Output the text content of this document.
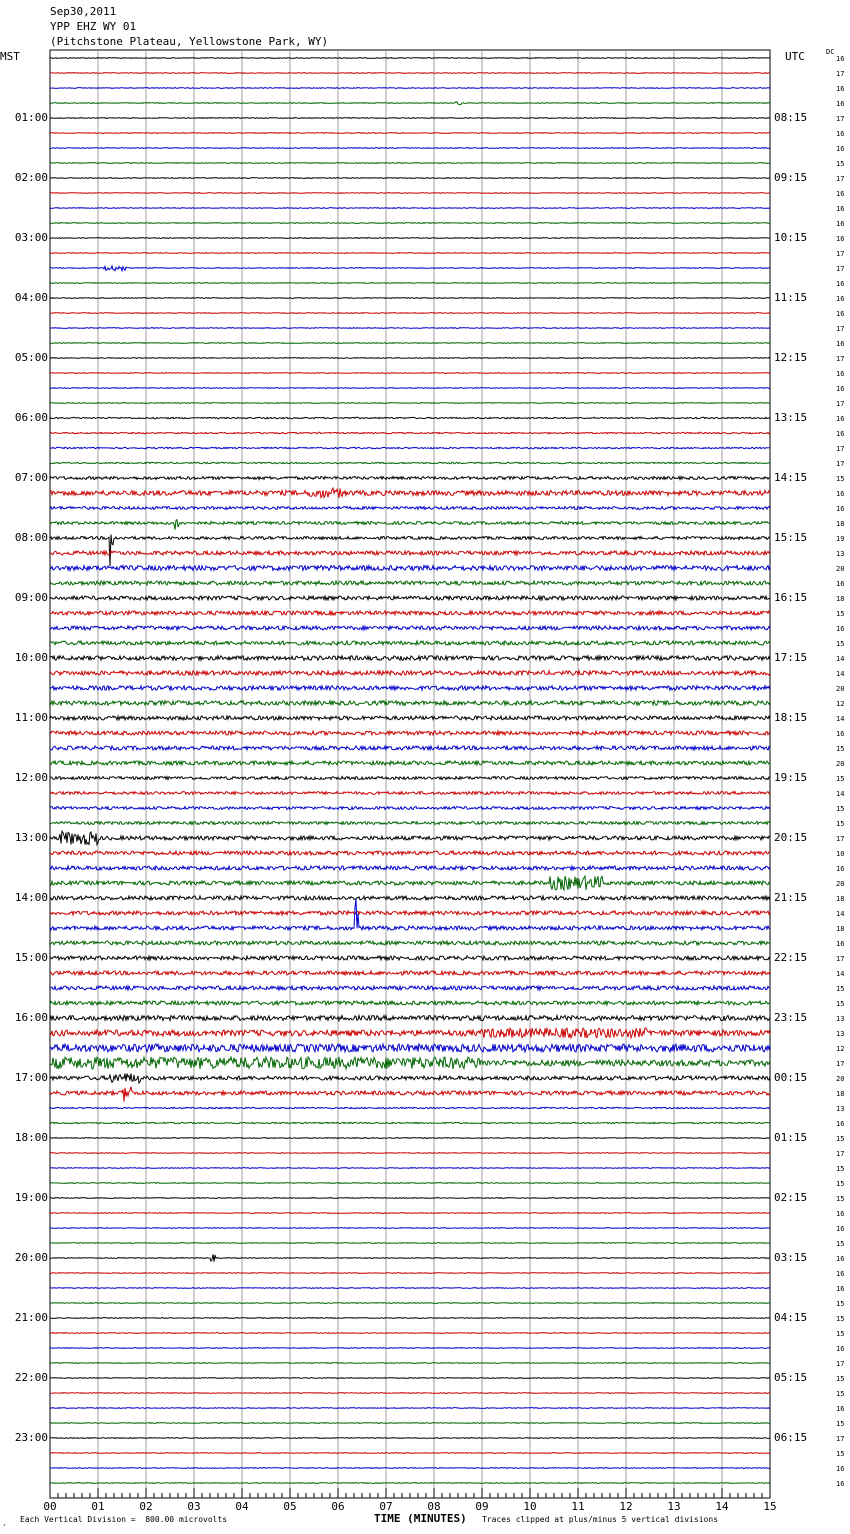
Sep30,2011
YPP EHZ WY 01
(Pitchstone Plateau, Yellowstone Park, WY)
MST	UTC	DC
01:00
02:00
03:00
04:00
05:00
06:00
07:00
08:00
09:00
10:00
11:00
12:00
13:00
14:00
15:00
16:00
17:00
18:00
19:00
20:00
21:00
22:00
23:00
08:15
09:15
10:15
11:15
12:15
13:15
14:15
15:15
16:15
17:15
18:15
19:15
20:15
21:15
22:15
23:15
00:15
01:15
02:15
03:15
04:15
05:15
06:15
16
17
16
16
17
16
16
15
17
16
16
16
16
17
17
16
16
16
17
16
17
16
16
17
16
16
17
17
15
16
16
18
19
13
20
16
18
15
16
15
14
14
20
12
14
16
15
20
15
14
15
15
17
10
16
20
18
14
18
16
17
14
15
15
13
13
12
17
20
18
13
16
15
17
15
15
15
16
16
15
16
16
16
15
15
15
16
17
15
15
16
15
17
15
16
16
00	01	02	03	04	05	06	07	08	09	10	11	12	13	14	15
¸ Each Vertical Division =  800.00 microvolts	TIME (MINUTES) Traces clipped at plus/minus 5 vertical divisions
